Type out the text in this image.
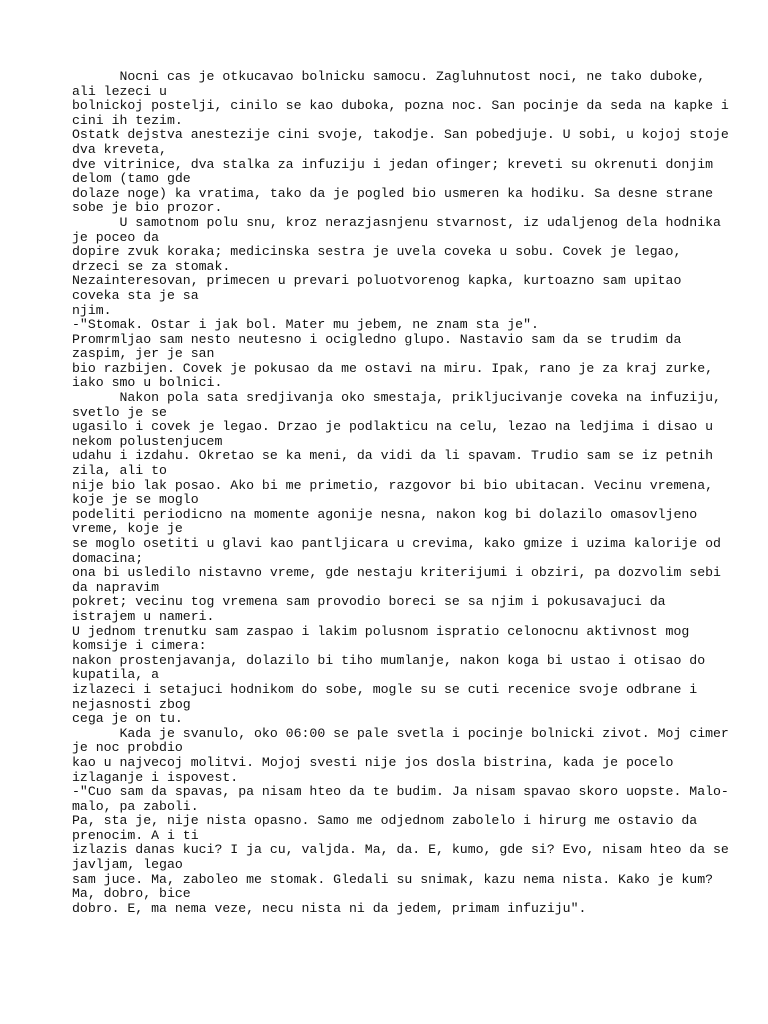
Nocni cas je otkucavao bolnicku samocu. Zagluhnutost noci, ne tako duboke,
ali lezeci u
bolnickoj postelji, cinilo se kao duboka, pozna noc. San pocinje da seda na kapke i
cini ih tezim.
Ostatk dejstva anestezije cini svoje, takodje. San pobedjuje. U sobi, u kojoj stoje
dva kreveta,
dve vitrinice, dva stalka za infuziju i jedan ofinger; kreveti su okrenuti donjim
delom (tamo gde
dolaze noge) ka vratima, tako da je pogled bio usmeren ka hodiku. Sa desne strane
sobe je bio prozor.
U samotnom polu snu, kroz nerazjasnjenu stvarnost, iz udaljenog dela hodnika
je poceo da
dopire zvuk koraka; medicinska sestra je uvela coveka u sobu. Covek je legao,
drzeci se za stomak.
Nezainteresovan, primecen u prevari poluotvorenog kapka, kurtoazno sam upitao
coveka sta je sa
njim.
-"Stomak. Ostar i jak bol. Mater mu jebem, ne znam sta je".
Promrmljao sam nesto neutesno i ocigledno glupo. Nastavio sam da se trudim da
zaspim, jer je san
bio razbijen. Covek je pokusao da me ostavi na miru. Ipak, rano je za kraj zurke,
iako smo u bolnici.
Nakon pola sata sredjivanja oko smestaja, prikljucivanje coveka na infuziju,
svetlo je se
ugasilo i covek je legao. Drzao je podlakticu na celu, lezao na ledjima i disao u
nekom polustenjucem
udahu i izdahu. Okretao se ka meni, da vidi da li spavam. Trudio sam se iz petnih
zila, ali to
nije bio lak posao. Ako bi me primetio, razgovor bi bio ubitacan. Vecinu vremena,
koje je se moglo
podeliti periodicno na momente agonije nesna, nakon kog bi dolazilo omasovljeno
vreme, koje je
se moglo osetiti u glavi kao pantljicara u crevima, kako gmize i uzima kalorije od
domacina;
ona bi usledilo nistavno vreme, gde nestaju kriterijumi i obziri, pa dozvolim sebi
da napravim
pokret; vecinu tog vremena sam provodio boreci se sa njim i pokusavajuci da
istrajem u nameri.
U jednom trenutku sam zaspao i lakim polusnom ispratio celonocnu aktivnost mog
komsije i cimera:
nakon prostenjavanja, dolazilo bi tiho mumlanje, nakon koga bi ustao i otisao do
kupatila, a
izlazeci i setajuci hodnikom do sobe, mogle su se cuti recenice svoje odbrane i
nejasnosti zbog
cega je on tu.
Kada je svanulo, oko 06:00 se pale svetla i pocinje bolnicki zivot. Moj cimer
je noc probdio
kao u najvecoj molitvi. Mojoj svesti nije jos dosla bistrina, kada je pocelo
izlaganje i ispovest.
-"Cuo sam da spavas, pa nisam hteo da te budim. Ja nisam spavao skoro uopste. Malo-
malo, pa zaboli.
Pa, sta je, nije nista opasno. Samo me odjednom zabolelo i hirurg me ostavio da
prenocim. A i ti
izlazis danas kuci? I ja cu, valjda. Ma, da. E, kumo, gde si? Evo, nisam hteo da se
javljam, legao
sam juce. Ma, zaboleo me stomak. Gledali su snimak, kazu nema nista. Kako je kum?
Ma, dobro, bice
dobro. E, ma nema veze, necu nista ni da jedem, primam infuziju".
